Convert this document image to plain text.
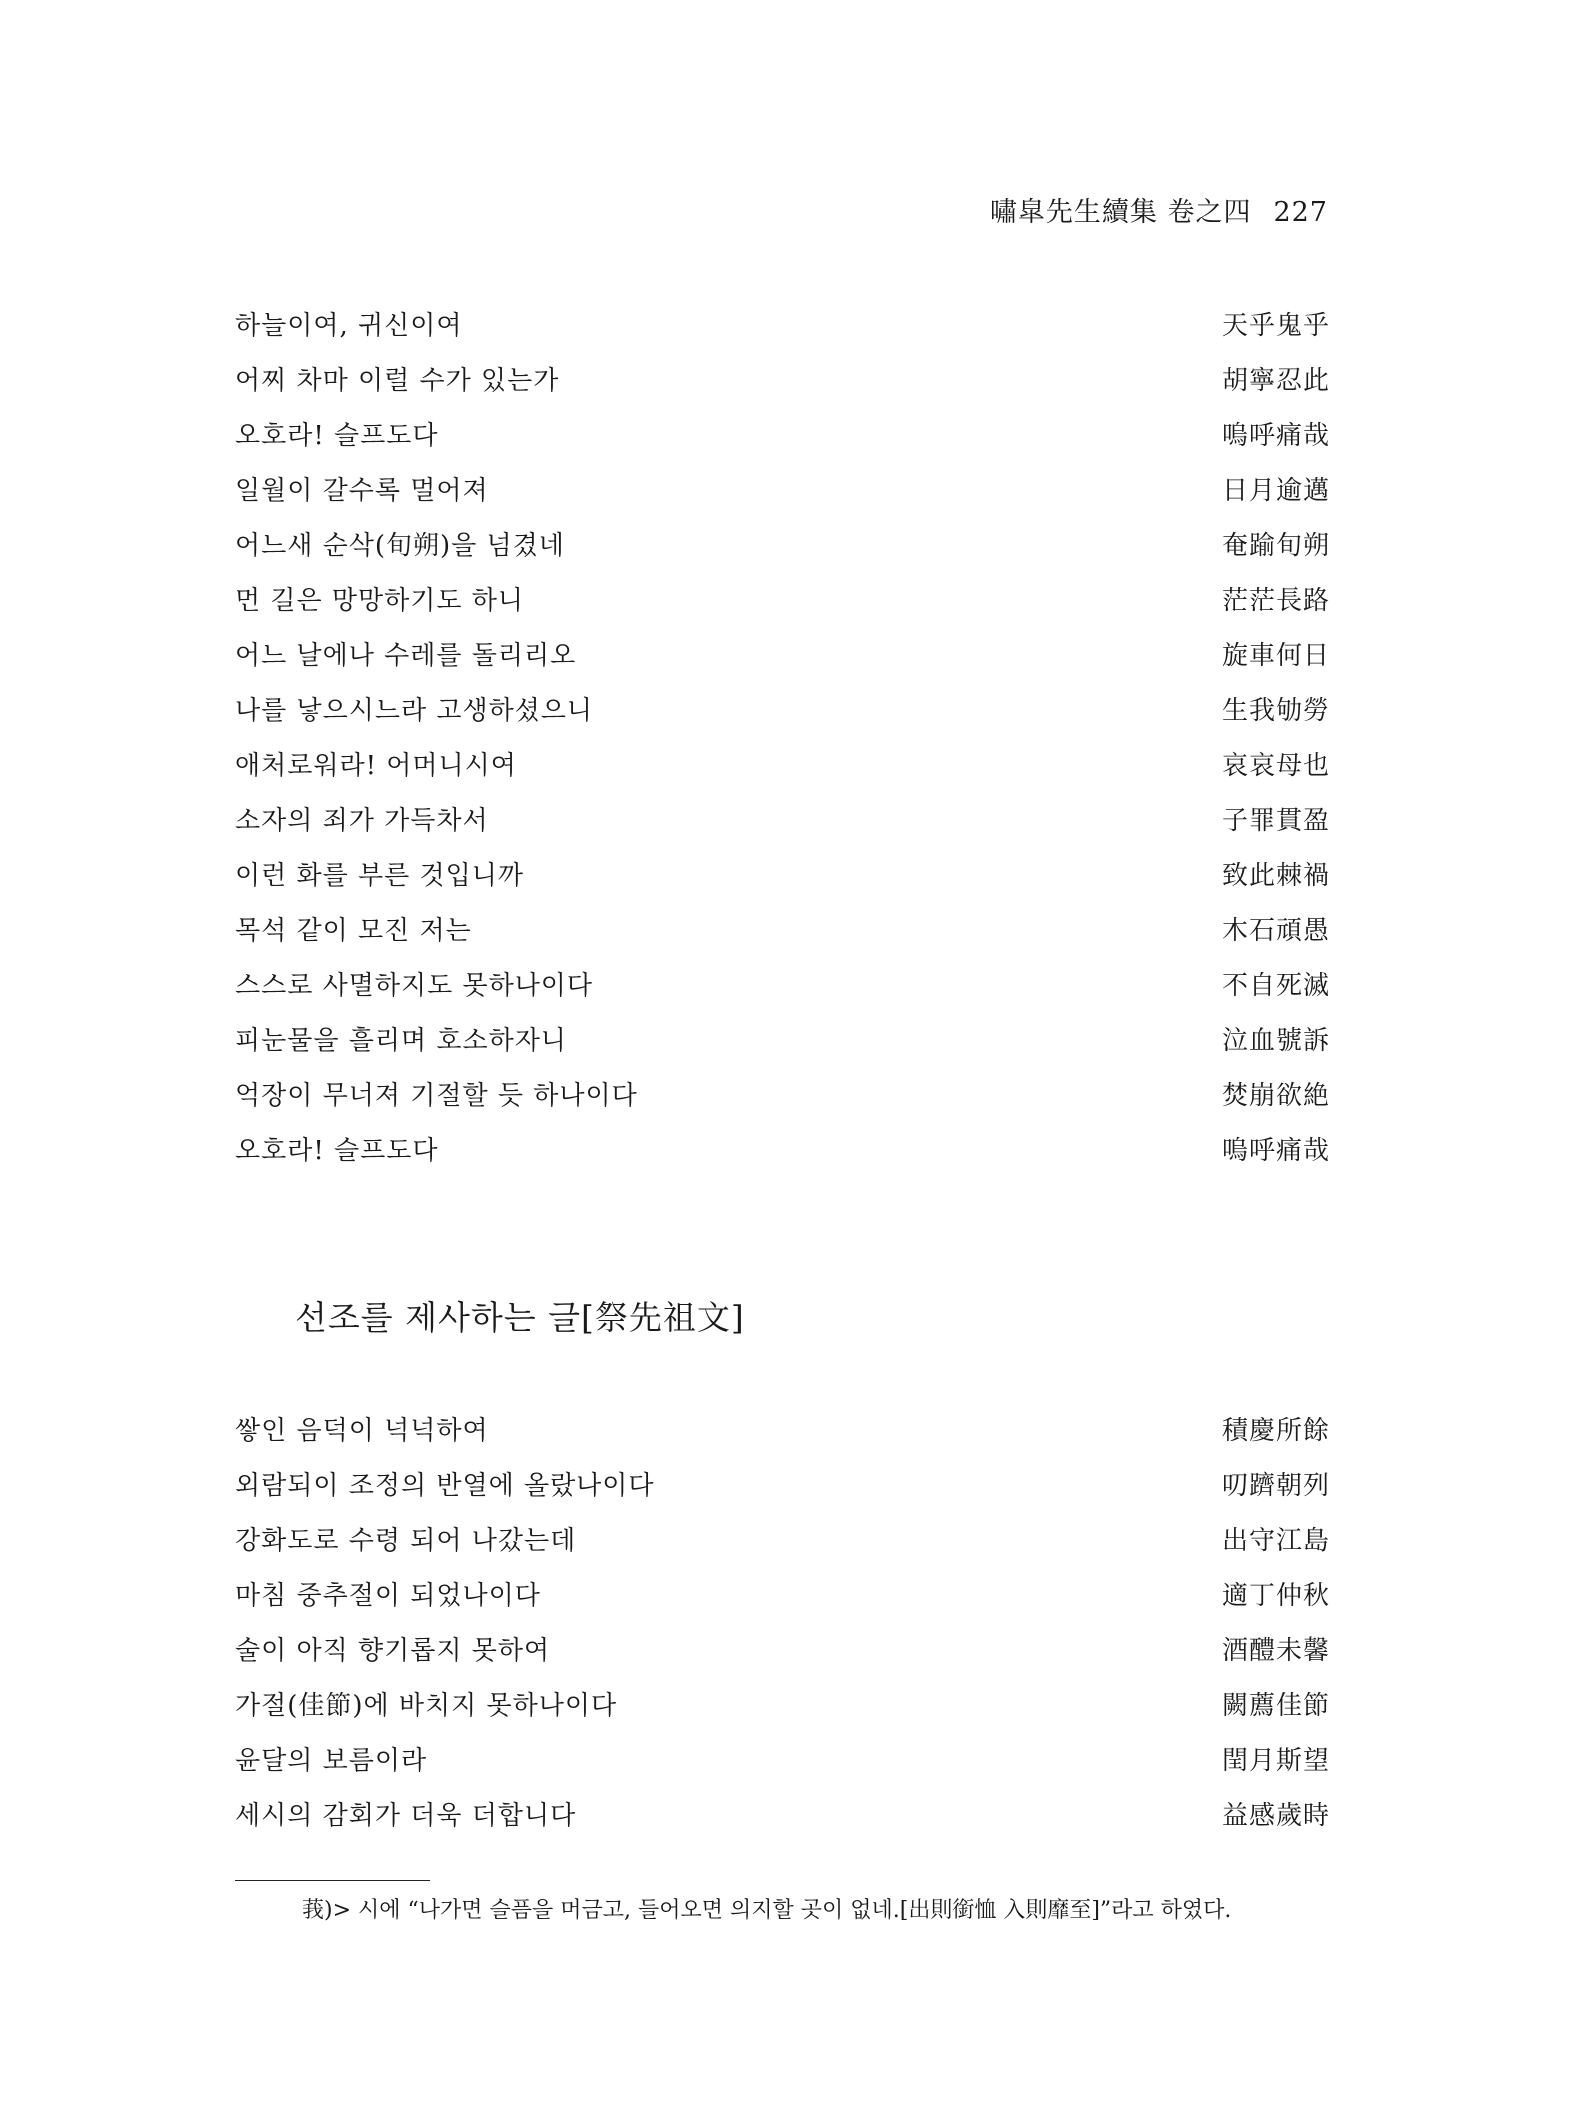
嘯皐先生續集 卷之四 227
하늘이여, 귀신이여	天乎鬼乎
어찌 차마 이럴 수가 있는가	胡寧忍此
오호라! 슬프도다	嗚呼痛哉
일월이 갈수록 멀어져	日月逾邁
어느새 순삭(旬朔)을 넘겼네	奄踰旬朔
먼 길은 망망하기도 하니	茫茫長路
어느 날에나 수레를 돌리리오	旋車何日
나를 낳으시느라 고생하셨으니	生我劬勞
애처로워라! 어머니시여	哀哀母也
소자의 죄가 가득차서	子罪貫盈
이런 화를 부른 것입니까	致此棘禍
목석 같이 모진 저는	木石頑愚
스스로 사멸하지도 못하나이다	不自死滅
피눈물을 흘리며 호소하자니	泣血號訴
억장이 무너져 기절할 듯 하나이다	焚崩欲絶
오호라! 슬프도다	嗚呼痛哉
선조를 제사하는 글[祭先祖文]
쌓인 음덕이 넉넉하여	積慶所餘
외람되이 조정의 반열에 올랐나이다	叨躋朝列
강화도로 수령 되어 나갔는데	出守江島
마침 중추절이 되었나이다	適丁仲秋
술이 아직 향기롭지 못하여	酒醴未馨
가절(佳節)에 바치지 못하나이다	闕薦佳節
윤달의 보름이라	閏月斯望
세시의 감회가 더욱 더합니다	益感歲時
莪)> 시에 “나가면 슬픔을 머금고, 들어오면 의지할 곳이 없네.[出則銜恤 入則靡至]”라고 하였다.
